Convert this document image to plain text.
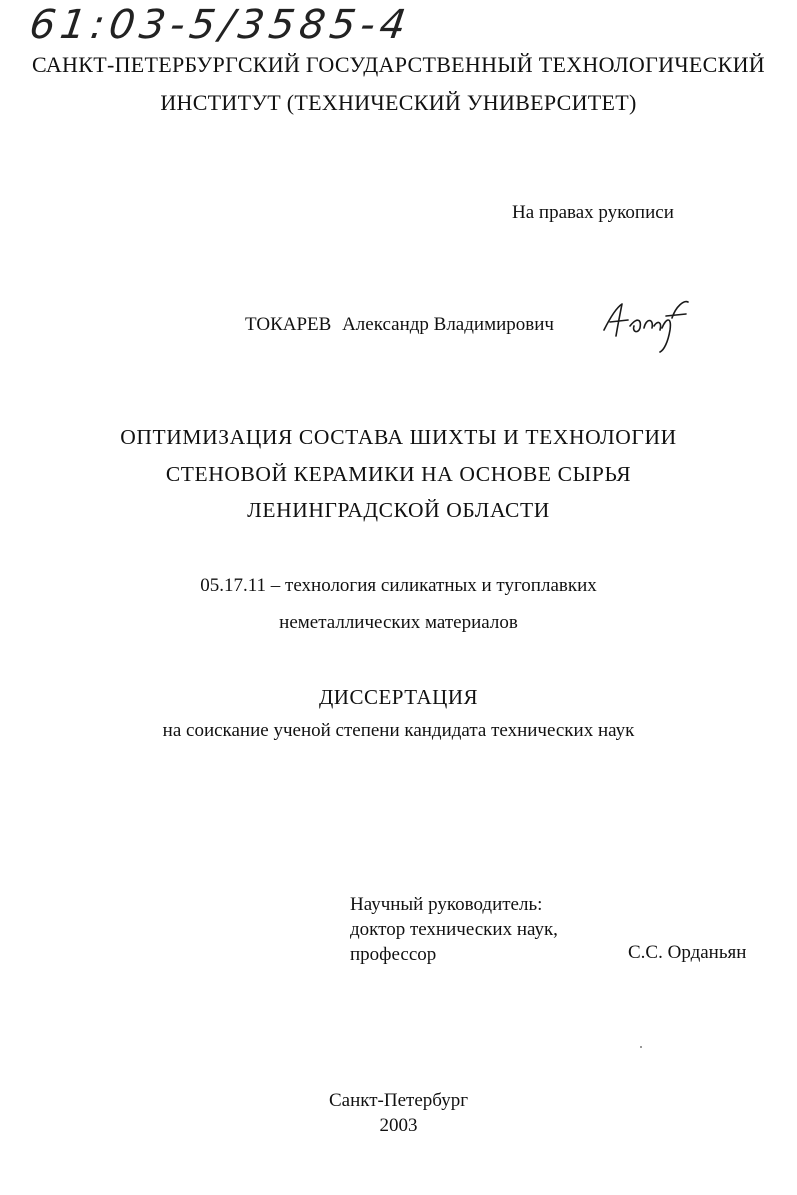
61:03-5/3585-4
САНКТ-ПЕТЕРБУРГСКИЙ ГОСУДАРСТВЕННЫЙ ТЕХНОЛОГИЧЕСКИЙ
ИНСТИТУТ (ТЕХНИЧЕСКИЙ УНИВЕРСИТЕТ)
На правах рукописи
ТОКАРЕВ Александр Владимирович
ОПТИМИЗАЦИЯ СОСТАВА ШИХТЫ И ТЕХНОЛОГИИ
СТЕНОВОЙ КЕРАМИКИ НА ОСНОВЕ СЫРЬЯ
ЛЕНИНГРАДСКОЙ ОБЛАСТИ
05.17.11 – технология силикатных и тугоплавких
неметаллических материалов
ДИССЕРТАЦИЯ
на соискание ученой степени кандидата технических наук
Научный руководитель:
доктор технических наук,
профессор	С.С. Орданьян
Санкт-Петербург
2003
